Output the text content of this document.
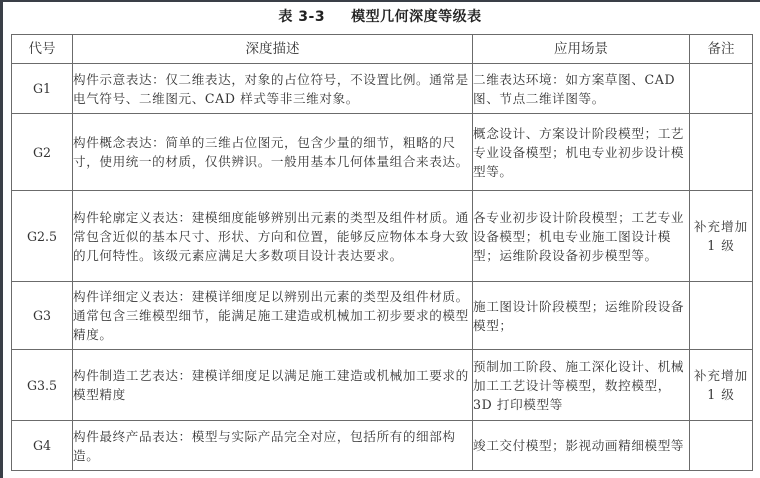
表 3-3 模型几何深度等级表
代号	深度描述	应用场景	备注
G1	构件示意表达：仅二维表达，对象的占位符号，不设置比例。通常是电气符号、二维图元、CAD 样式等非三维对象。	二维表达环境：如方案草图、CAD 图、节点二维详图等。	
G2	构件概念表达：简单的三维占位图元，包含少量的细节，粗略的尺寸，使用统一的材质，仅供辨识。一般用基本几何体量组合来表达。	概念设计、方案设计阶段模型；工艺专业设备模型；机电专业初步设计模型等。	
G2.5	构件轮廓定义表达：建模细度能够辨别出元素的类型及组件材质。通常包含近似的基本尺寸、形状、方向和位置，能够反应物体本身大致的几何特性。该级元素应满足大多数项目设计表达要求。	各专业初步设计阶段模型；工艺专业设备模型；机电专业施工图设计模型；运维阶段设备初步模型等。	补充增加 1 级
G3	构件详细定义表达：建模详细度足以辨别出元素的类型及组件材质。通常包含三维模型细节，能满足施工建造或机械加工初步要求的模型精度。	施工图设计阶段模型；运维阶段设备模型；	
G3.5	构件制造工艺表达：建模详细度足以满足施工建造或机械加工要求的模型精度	预制加工阶段、施工深化设计、机械加工工艺设计等模型，数控模型，3D 打印模型等	补充增加 1 级
G4	构件最终产品表达：模型与实际产品完全对应，包括所有的细部构造。	竣工交付模型；影视动画精细模型等	
